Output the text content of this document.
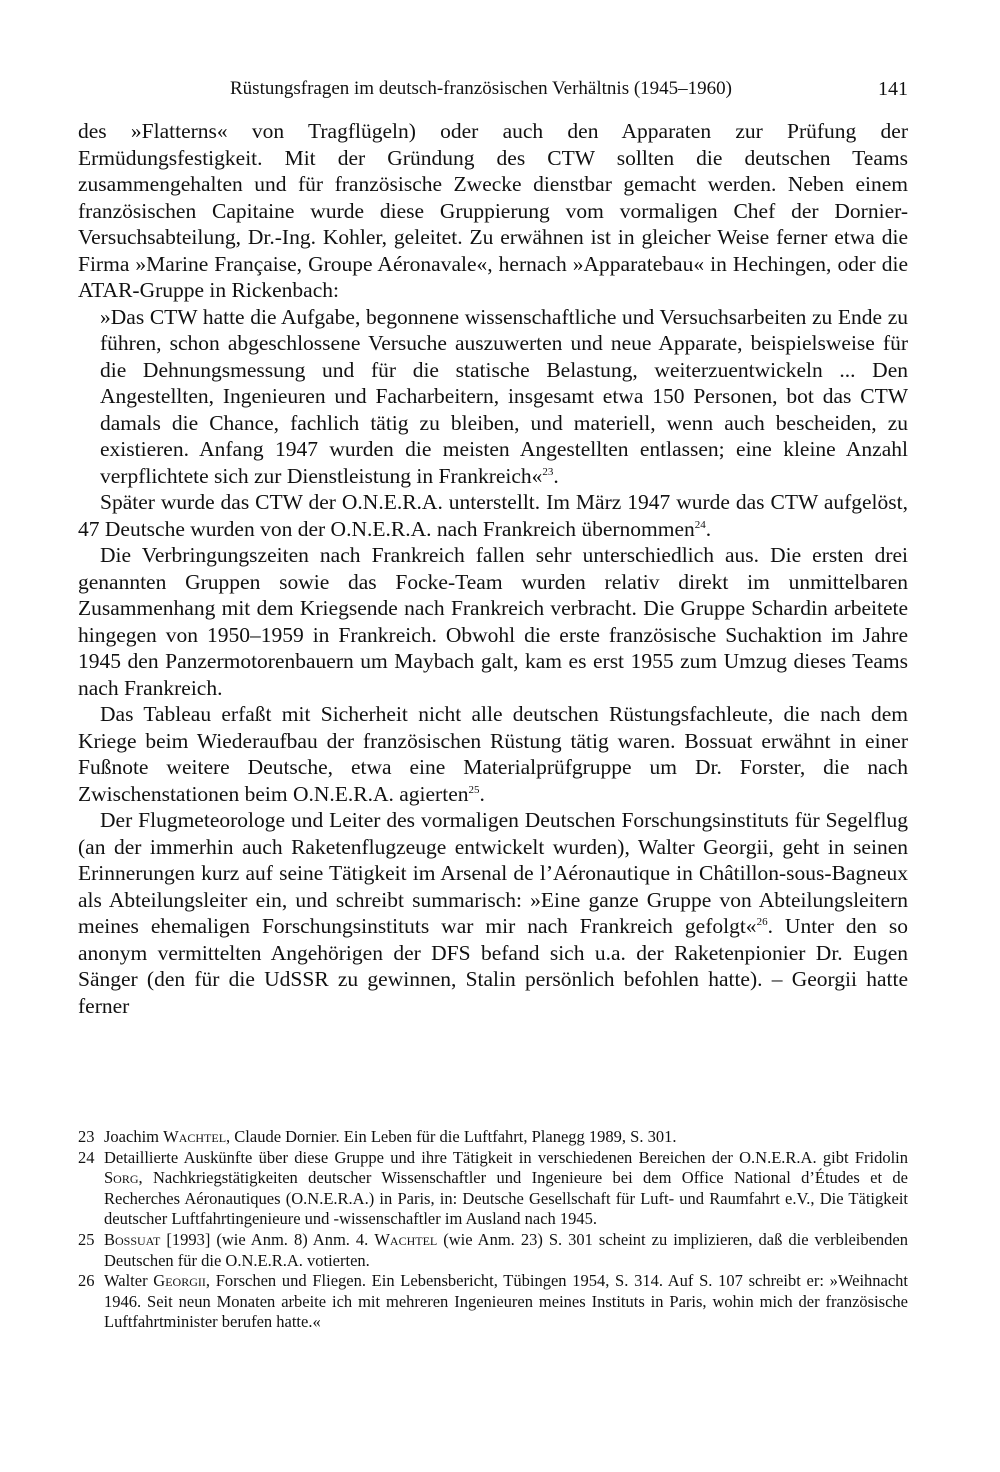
Rüstungsfragen im deutsch-französischen Verhältnis (1945–1960)	141

des »Flatterns« von Tragflügeln) oder auch den Apparaten zur Prüfung der Ermüdungsfestigkeit. Mit der Gründung des CTW sollten die deutschen Teams zusammengehalten und für französische Zwecke dienstbar gemacht werden. Neben einem französischen Capitaine wurde diese Gruppierung vom vormaligen Chef der Dornier-Versuchsabteilung, Dr.-Ing. Kohler, geleitet. Zu erwähnen ist in gleicher Weise ferner etwa die Firma »Marine Française, Groupe Aéronavale«, hernach »Apparatebau« in Hechingen, oder die ATAR-Gruppe in Rickenbach:

»Das CTW hatte die Aufgabe, begonnene wissenschaftliche und Versuchsarbeiten zu Ende zu führen, schon abgeschlossene Versuche auszuwerten und neue Apparate, beispielsweise für die Dehnungsmessung und für die statische Belastung, weiterzuentwickeln ... Den Angestellten, Ingenieuren und Facharbeitern, insgesamt etwa 150 Personen, bot das CTW damals die Chance, fachlich tätig zu bleiben, und materiell, wenn auch bescheiden, zu existieren. Anfang 1947 wurden die meisten Angestellten entlassen; eine kleine Anzahl verpflichtete sich zur Dienstleistung in Frankreich«$^{23}$.

Später wurde das CTW der O.N.E.R.A. unterstellt. Im März 1947 wurde das CTW aufgelöst, 47 Deutsche wurden von der O.N.E.R.A. nach Frankreich übernommen$^{24}$.

Die Verbringungszeiten nach Frankreich fallen sehr unterschiedlich aus. Die ersten drei genannten Gruppen sowie das Focke-Team wurden relativ direkt im unmittelbaren Zusammenhang mit dem Kriegsende nach Frankreich verbracht. Die Gruppe Schardin arbeitete hingegen von 1950–1959 in Frankreich. Obwohl die erste französische Suchaktion im Jahre 1945 den Panzermotorenbauern um Maybach galt, kam es erst 1955 zum Umzug dieses Teams nach Frankreich.

Das Tableau erfaßt mit Sicherheit nicht alle deutschen Rüstungsfachleute, die nach dem Kriege beim Wiederaufbau der französischen Rüstung tätig waren. Bossuat erwähnt in einer Fußnote weitere Deutsche, etwa eine Materialprüfgruppe um Dr. Forster, die nach Zwischenstationen beim O.N.E.R.A. agierten$^{25}$.

Der Flugmeteorologe und Leiter des vormaligen Deutschen Forschungsinstituts für Segelflug (an der immerhin auch Raketenflugzeuge entwickelt wurden), Walter Georgii, geht in seinen Erinnerungen kurz auf seine Tätigkeit im Arsenal de l’Aéronautique in Châtillon-sous-Bagneux als Abteilungsleiter ein, und schreibt summarisch: »Eine ganze Gruppe von Abteilungsleitern meines ehemaligen Forschungsinstituts war mir nach Frankreich gefolgt«$^{26}$. Unter den so anonym vermittelten Angehörigen der DFS befand sich u.a. der Raketenpionier Dr. Eugen Sänger (den für die UdSSR zu gewinnen, Stalin persönlich befohlen hatte). – Georgii hatte ferner

23 Joachim Wachtel, Claude Dornier. Ein Leben für die Luftfahrt, Planegg 1989, S. 301.
24 Detaillierte Auskünfte über diese Gruppe und ihre Tätigkeit in verschiedenen Bereichen der O.N.E.R.A. gibt Fridolin Sorg, Nachkriegstätigkeiten deutscher Wissenschaftler und Ingenieure bei dem Office National d’Études et de Recherches Aéronautiques (O.N.E.R.A.) in Paris, in: Deutsche Gesellschaft für Luft- und Raumfahrt e.V., Die Tätigkeit deutscher Luftfahrtingenieure und -wissenschaftler im Ausland nach 1945.
25 Bossuat [1993] (wie Anm. 8) Anm. 4. Wachtel (wie Anm. 23) S. 301 scheint zu implizieren, daß die verbleibenden Deutschen für die O.N.E.R.A. votierten.
26 Walter Georgii, Forschen und Fliegen. Ein Lebensbericht, Tübingen 1954, S. 314. Auf S. 107 schreibt er: »Weihnacht 1946. Seit neun Monaten arbeite ich mit mehreren Ingenieuren meines Instituts in Paris, wohin mich der französische Luftfahrtminister berufen hatte.«
